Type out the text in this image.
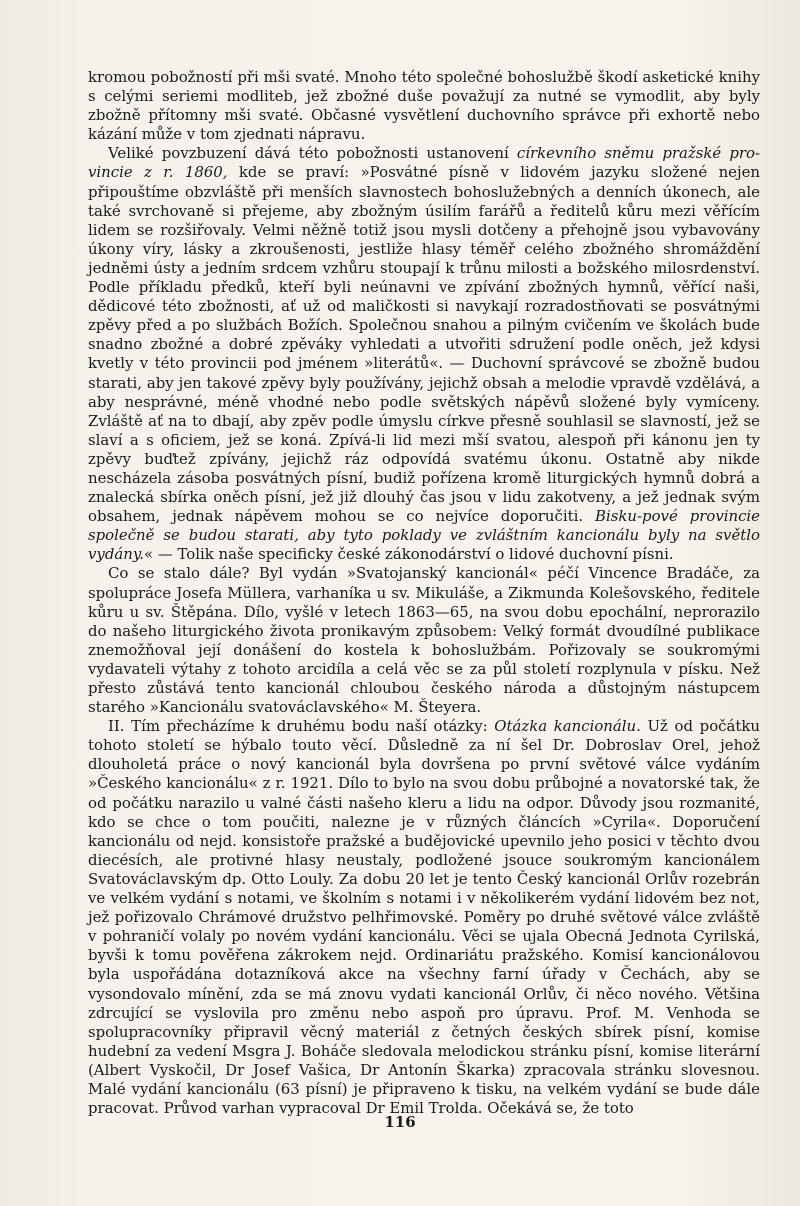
kromou pobožností při mši svaté. Mnoho této společné bohoslužbě škodí asketické knihy s celými seriemi modliteb, jež zbožné duše považují za nutné se vymodlit, aby byly zbožně přítomny mši svaté. Občasné vysvětlení duchovního správce při exhortě nebo kázání může v tom zjednati nápravu.

Veliké povzbuzení dává této pobožnosti ustanovení církevního sněmu pražské pro-vincie z r. 1860, kde se praví: »Posvátné písně v lidovém jazyku složené nejen připouštíme obzvláště při menších slavnostech bohoslužebných a denních úkonech, ale také svrchovaně si přejeme, aby zbožným úsilím farářů a ředitelů kůru mezi věřícím lidem se rozšiřovaly. Velmi něžně totiž jsou mysli dotčeny a přehojně jsou vybavovány úkony víry, lásky a zkroušenosti, jestliže hlasy téměř celého zbožného shromáždění jedněmi ústy a jedním srdcem vzhůru stoupají k trůnu milosti a božského milosrdenství. Podle příkladu předků, kteří byli neúnavni ve zpívání zbožných hymnů, věřící naši, dědicové této zbožnosti, ať už od maličkosti si navykají rozradostňovati se posvátnými zpěvy před a po službách Božích. Společnou snahou a pilným cvičením ve školách bude snadno zbožné a dobré zpěváky vyhledati a utvořiti sdružení podle oněch, jež kdysi kvetly v této provincii pod jménem »literátů«. — Duchovní správcové se zbožně budou starati, aby jen takové zpěvy byly používány, jejichž obsah a melodie vpravdě vzdělává, a aby nesprávné, méně vhodné nebo podle světských nápěvů složené byly vymíceny. Zvláště ať na to dbají, aby zpěv podle úmyslu církve přesně souhlasil se slavností, jež se slaví a s oficiem, jež se koná. Zpívá-li lid mezi mší svatou, alespoň při kánonu jen ty zpěvy buďtež zpívány, jejichž ráz odpovídá svatému úkonu. Ostatně aby nikde nescházela zásoba posvátných písní, budiž pořízena kromě liturgických hymnů dobrá a znalecká sbírka oněch písní, jež již dlouhý čas jsou v lidu zakotveny, a jež jednak svým obsahem, jednak nápěvem mohou se co nejvíce doporučiti. Bisku-pové provincie společně se budou starati, aby tyto poklady ve zvláštním kancionálu byly na světlo vydány.« — Tolik naše specificky české zákonodárství o lidové duchovní písni.

Co se stalo dále? Byl vydán »Svatojanský kancionál« péčí Vincence Bradáče, za spolupráce Josefa Müllera, varhaníka u sv. Mikuláše, a Zikmunda Kolešovského, ředitele kůru u sv. Štěpána. Dílo, vyšlé v letech 1863—65, na svou dobu epochální, neprorazilo do našeho liturgického života pronikavým způsobem: Velký formát dvoudílné publikace znemožňoval její donášení do kostela k bohoslužbám. Pořizovaly se soukromými vydavateli výtahy z tohoto arcidíla a celá věc se za půl století rozplynula v písku. Než přesto zůstává tento kancionál chloubou českého národa a důstojným nástupcem starého »Kancionálu svatováclavského« M. Šteyera.

II. Tím přecházíme k druhému bodu naší otázky: Otázka kancionálu. Už od počátku tohoto století se hýbalo touto věcí. Důsledně za ní šel Dr. Dobroslav Orel, jehož dlouholetá práce o nový kancionál byla dovršena po první světové válce vydáním »Českého kancionálu« z r. 1921. Dílo to bylo na svou dobu průbojné a novatorské tak, že od počátku narazilo u valné části našeho kleru a lidu na odpor. Důvody jsou rozmanité, kdo se chce o tom poučiti, nalezne je v různých článcích »Cyrila«. Doporučení kancionálu od nejd. konsistoře pražské a budějovické upevnilo jeho posici v těchto dvou diecésích, ale protivné hlasy neustaly, podložené jsouce soukromým kancionálem Svatováclavským dp. Otto Louly. Za dobu 20 let je tento Český kancionál Orlův rozebrán ve velkém vydání s notami, ve školním s notami i v několikerém vydání lidovém bez not, jež pořizovalo Chrámové družstvo pelhřimovské. Poměry po druhé světové válce zvláště v pohraničí volaly po novém vydání kancionálu. Věci se ujala Obecná Jednota Cyrilská, byvši k tomu pověřena zákrokem nejd. Ordinariátu pražského. Komisí kancionálovou byla uspořádána dotazníková akce na všechny farní úřady v Čechách, aby se vysondovalo mínění, zda se má znovu vydati kancionál Orlův, či něco nového. Většina zdrcující se vyslovila pro změnu nebo aspoň pro úpravu. Prof. M. Venhoda se spolupracovníky připravil věcný materiál z četných českých sbírek písní, komise hudební za vedení Msgra J. Boháče sledovala melodickou stránku písní, komise literární (Albert Vyskočil, Dr Josef Vašica, Dr Antonín Škarka) zpracovala stránku slovesnou. Malé vydání kancionálu (63 písní) je připraveno k tisku, na velkém vydání se bude dále pracovat. Průvod varhan vypracoval Dr Emil Trolda. Očekává se, že toto

116
